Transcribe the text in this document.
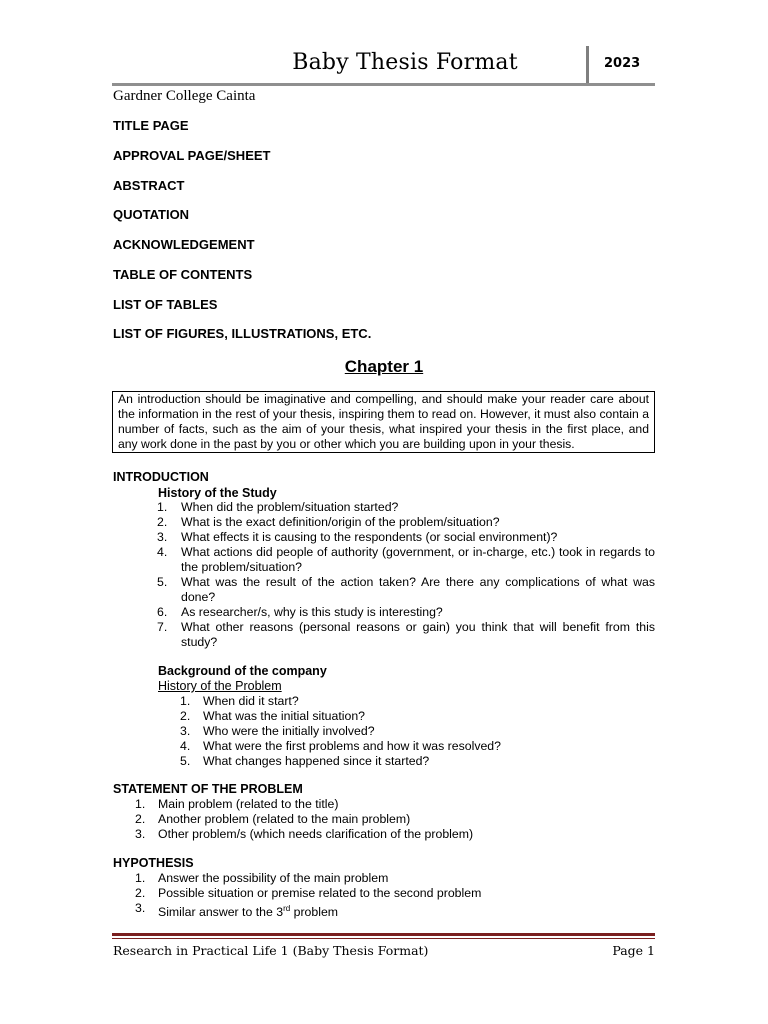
Baby Thesis Format	2023
Gardner College Cainta
TITLE PAGE
APPROVAL PAGE/SHEET
ABSTRACT
QUOTATION
ACKNOWLEDGEMENT
TABLE OF CONTENTS
LIST OF TABLES
LIST OF FIGURES, ILLUSTRATIONS, ETC.
Chapter 1
An introduction should be imaginative and compelling, and should make your reader care about the information in the rest of your thesis, inspiring them to read on. However, it must also contain a number of facts, such as the aim of your thesis, what inspired your thesis in the first place, and any work done in the past by you or other which you are building upon in your thesis.
INTRODUCTION
History of the Study
1.	When did the problem/situation started?
2.	What is the exact definition/origin of the problem/situation?
3.	What effects it is causing to the respondents (or social environment)?
4.	What actions did people of authority (government, or in-charge, etc.) took in regards to the problem/situation?
5.	What was the result of the action taken? Are there any complications of what was done?
6.	As researcher/s, why is this study is interesting?
7.	What other reasons (personal reasons or gain) you think that will benefit from this study?
Background of the company
History of the Problem
1.	When did it start?
2.	What was the initial situation?
3.	Who were the initially involved?
4.	What were the first problems and how it was resolved?
5.	What changes happened since it started?
STATEMENT OF THE PROBLEM
1.	Main problem (related to the title)
2.	Another problem (related to the main problem)
3.	Other problem/s (which needs clarification of the problem)
HYPOTHESIS
1.	Answer the possibility of the main problem
2.	Possible situation or premise related to the second problem
3.	Similar answer to the 3rd problem
Research in Practical Life 1 (Baby Thesis Format)	Page 1
